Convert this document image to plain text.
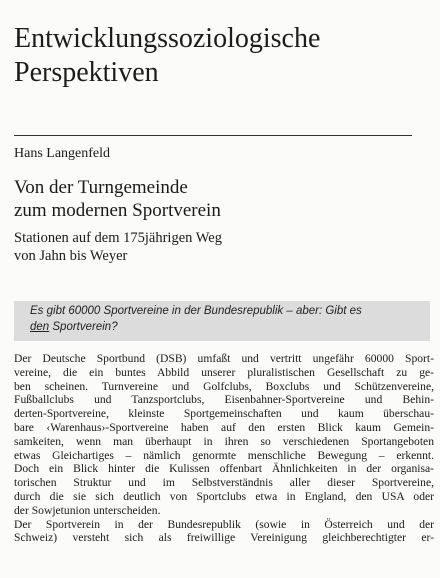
Entwicklungssoziologische
Perspektiven
Hans Langenfeld
Von der Turngemeinde
zum modernen Sportverein
Stationen auf dem 175jährigen Weg
von Jahn bis Weyer
Es gibt 60000 Sportvereine in der Bundesrepublik – aber: Gibt es
den Sportverein?
Der Deutsche Sportbund (DSB) umfaßt und vertritt ungefähr 60000 Sport-
vereine, die ein buntes Abbild unserer pluralistischen Gesellschaft zu ge-
ben scheinen. Turnvereine und Golfclubs, Boxclubs und Schützenvereine,
Fußballclubs und Tanzsportclubs, Eisenbahner-Sportvereine und Behin-
derten-Sportvereine, kleinste Sportgemeinschaften und kaum überschau-
bare ‹Warenhaus›-Sportvereine haben auf den ersten Blick kaum Gemein-
samkeiten, wenn man überhaupt in ihren so verschiedenen Sportangeboten
etwas Gleichartiges – nämlich genormte menschliche Bewegung – erkennt.
Doch ein Blick hinter die Kulissen offenbart Ähnlichkeiten in der organisa-
torischen Struktur und im Selbstverständnis aller dieser Sportvereine,
durch die sie sich deutlich von Sportclubs etwa in England, den USA oder
der Sowjetunion unterscheiden.
Der Sportverein in der Bundesrepublik (sowie in Österreich und der
Schweiz) versteht sich als freiwillige Vereinigung gleichberechtigter er-
